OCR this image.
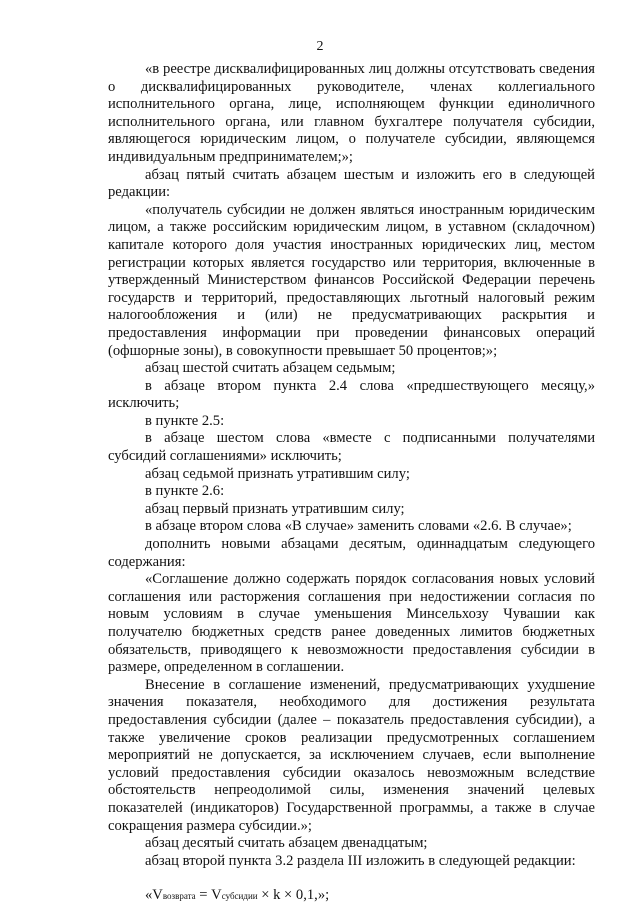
2

«в реестре дисквалифицированных лиц должны отсутствовать сведения о дисквалифицированных руководителе, членах коллегиального исполнительного органа, лице, исполняющем функции единоличного исполнительного органа, или главном бухгалтере получателя субсидии, являющегося юридическим лицом, о получателе субсидии, являющемся индивидуальным предпринимателем;»;

абзац пятый считать абзацем шестым и изложить его в следующей редакции:

«получатель субсидии не должен являться иностранным юридическим лицом, а также российским юридическим лицом, в уставном (складочном) капитале которого доля участия иностранных юридических лиц, местом регистрации которых является государство или территория, включенные в утвержденный Министерством финансов Российской Федерации перечень государств и территорий, предоставляющих льготный налоговый режим налогообложения и (или) не предусматривающих раскрытия и предоставления информации при проведении финансовых операций (офшорные зоны), в совокупности превышает 50 процентов;»;

абзац шестой считать абзацем седьмым;

в абзаце втором пункта 2.4 слова «предшествующего месяцу,» исключить;

в пункте 2.5:

в абзаце шестом слова «вместе с подписанными получателями субсидий соглашениями» исключить;

абзац седьмой признать утратившим силу;

в пункте 2.6:

абзац первый признать утратившим силу;

в абзаце втором слова «В случае» заменить словами «2.6. В случае»;

дополнить новыми абзацами десятым, одиннадцатым следующего содержания:

«Соглашение должно содержать порядок согласования новых условий соглашения или расторжения соглашения при недостижении согласия по новым условиям в случае уменьшения Минсельхозу Чувашии как получателю бюджетных средств ранее доведенных лимитов бюджетных обязательств, приводящего к невозможности предоставления субсидии в размере, определенном в соглашении.

Внесение в соглашение изменений, предусматривающих ухудшение значения показателя, необходимого для достижения результата предоставления субсидии (далее – показатель предоставления субсидии), а также увеличение сроков реализации предусмотренных соглашением мероприятий не допускается, за исключением случаев, если выполнение условий предоставления субсидии оказалось невозможным вследствие обстоятельств непреодолимой силы, изменения значений целевых показателей (индикаторов) Государственной программы, а также в случае сокращения размера субсидии.»;

абзац десятый считать абзацем двенадцатым;

абзац второй пункта 3.2 раздела III изложить в следующей редакции:

«Vвозврата = Vсубсидии × k × 0,1,»;
